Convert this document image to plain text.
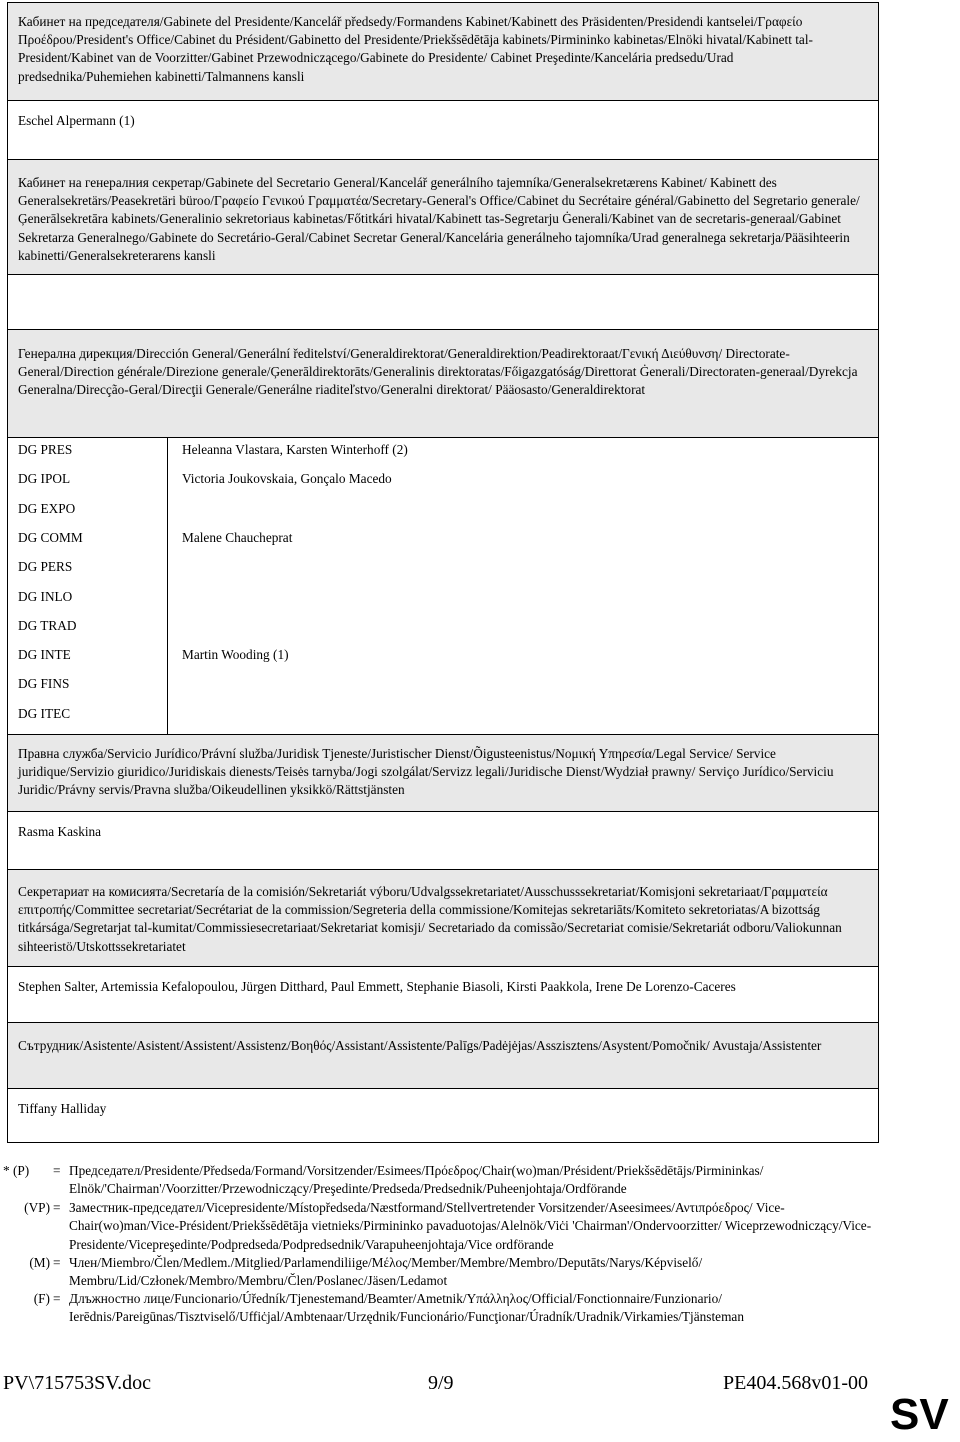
Кабинет на председателя/Gabinete del Presidente/Kancelář předsedy/Formandens Kabinet/Kabinett des Präsidenten/Presidendi kantselei/Γραφείο Προέδρου/President's Office/Cabinet du Président/Gabinetto del Presidente/Priekšsēdētāja kabinets/Pirmininko kabinetas/Elnöki hivatal/Kabinett tal-President/Kabinet van de Voorzitter/Gabinet Przewodniczącego/Gabinete do Presidente/ Cabinet Preşedinte/Kancelária predsedu/Urad predsednika/Puhemiehen kabinetti/Talmannens kansli

Eschel Alpermann (1)

Кабинет на генералния секретар/Gabinete del Secretario General/Kancelář generálního tajemníka/Generalsekretærens Kabinet/ Kabinett des Generalsekretärs/Peasekretäri büroo/Γραφείο Γενικού Γραμματέα/Secretary-General's Office/Cabinet du Secrétaire général/Gabinetto del Segretario generale/Ģenerālsekretāra kabinets/Generalinio sekretoriaus kabinetas/Főtitkári hivatal/Kabinett tas-Segretarju Ġenerali/Kabinet van de secretaris-generaal/Gabinet Sekretarza Generalnego/Gabinete do Secretário-Geral/Cabinet Secretar General/Kancelária generálneho tajomníka/Urad generalnega sekretarja/Pääsihteerin kabinetti/Generalsekreterarens kansli

Генерална дирекция/Dirección General/Generální ředitelství/Generaldirektorat/Generaldirektion/Peadirektoraat/Γενική Διεύθυνση/ Directorate-General/Direction générale/Direzione generale/Ģenerāldirektorāts/Generalinis direktoratas/Főigazgatóság/Direttorat Ġenerali/Directoraten-generaal/Dyrekcja Generalna/Direcção-Geral/Direcţii Generale/Generálne riaditeľstvo/Generalni direktorat/ Pääosasto/Generaldirektorat

DG PRES	Heleanna Vlastara, Karsten Winterhoff (2)
DG IPOL	Victoria Joukovskaia, Gonçalo Macedo
DG EXPO
DG COMM	Malene Chaucheprat
DG PERS
DG INLO
DG TRAD
DG INTE	Martin Wooding (1)
DG FINS
DG ITEC

Правна служба/Servicio Jurídico/Právní služba/Juridisk Tjeneste/Juristischer Dienst/Õigusteenistus/Νομική Υπηρεσία/Legal Service/ Service juridique/Servizio giuridico/Juridiskais dienests/Teisės tarnyba/Jogi szolgálat/Servizz legali/Juridische Dienst/Wydział prawny/ Serviço Jurídico/Serviciu Juridic/Právny servis/Pravna služba/Oikeudellinen yksikkö/Rättstjänsten

Rasma Kaskina

Секретариат на комисията/Secretaría de la comisión/Sekretariát výboru/Udvalgssekretariatet/Ausschusssekretariat/Komisjoni sekretariaat/Γραμματεία επιτροπής/Committee secretariat/Secrétariat de la commission/Segreteria della commissione/Komitejas sekretariāts/Komiteto sekretoriatas/A bizottság titkársága/Segretarjat tal-kumitat/Commissiesecretariaat/Sekretariat komisji/ Secretariado da comissão/Secretariat comisie/Sekretariát odboru/Valiokunnan sihteeristö/Utskottssekretariatet

Stephen Salter, Artemissia Kefalopoulou, Jürgen Ditthard, Paul Emmett, Stephanie Biasoli, Kirsti Paakkola, Irene De Lorenzo-Caceres

Сътрудник/Asistente/Asistent/Assistent/Assistenz/Βοηθός/Assistant/Assistente/Palīgs/Padėjėjas/Asszisztens/Asystent/Pomočnik/ Avustaja/Assistenter

Tiffany Halliday

* (P)	= Председател/Presidente/Předseda/Formand/Vorsitzender/Esimees/Πρόεδρος/Chair(wo)man/Président/Priekšsēdētājs/Pirmininkas/ Elnök/'Chairman'/Voorzitter/Przewodniczący/Preşedinte/Predseda/Predsednik/Puheenjohtaja/Ordförande
(VP) = Заместник-председател/Vicepresidente/Místopředseda/Næstformand/Stellvertretender Vorsitzender/Aseesimees/Αντιπρόεδρος/ Vice-Chair(wo)man/Vice-Président/Priekšsēdētāja vietnieks/Pirmininko pavaduotojas/Alelnök/Viċi 'Chairman'/Ondervoorzitter/ Wiceprzewodniczący/Vice-Presidente/Vicepreşedinte/Podpredseda/Podpredsednik/Varapuheenjohtaja/Vice ordförande
(M) = Член/Miembro/Člen/Medlem./Mitglied/Parlamendiliige/Μέλος/Member/Membre/Membro/Deputāts/Narys/Képviselő/ Membru/Lid/Członek/Membro/Membru/Člen/Poslanec/Jäsen/Ledamot
(F) = Длъжностно лице/Funcionario/Úředník/Tjenestemand/Beamter/Ametnik/Υπάλληλος/Official/Fonctionnaire/Funzionario/ Ierēdnis/Pareigūnas/Tisztviselő/Uffiċjal/Ambtenaar/Urzędnik/Funcionário/Funcţionar/Úradník/Uradnik/Virkamies/Tjänsteman
PV\715753SV.doc	9/9	PE404.568v01-00
SV
